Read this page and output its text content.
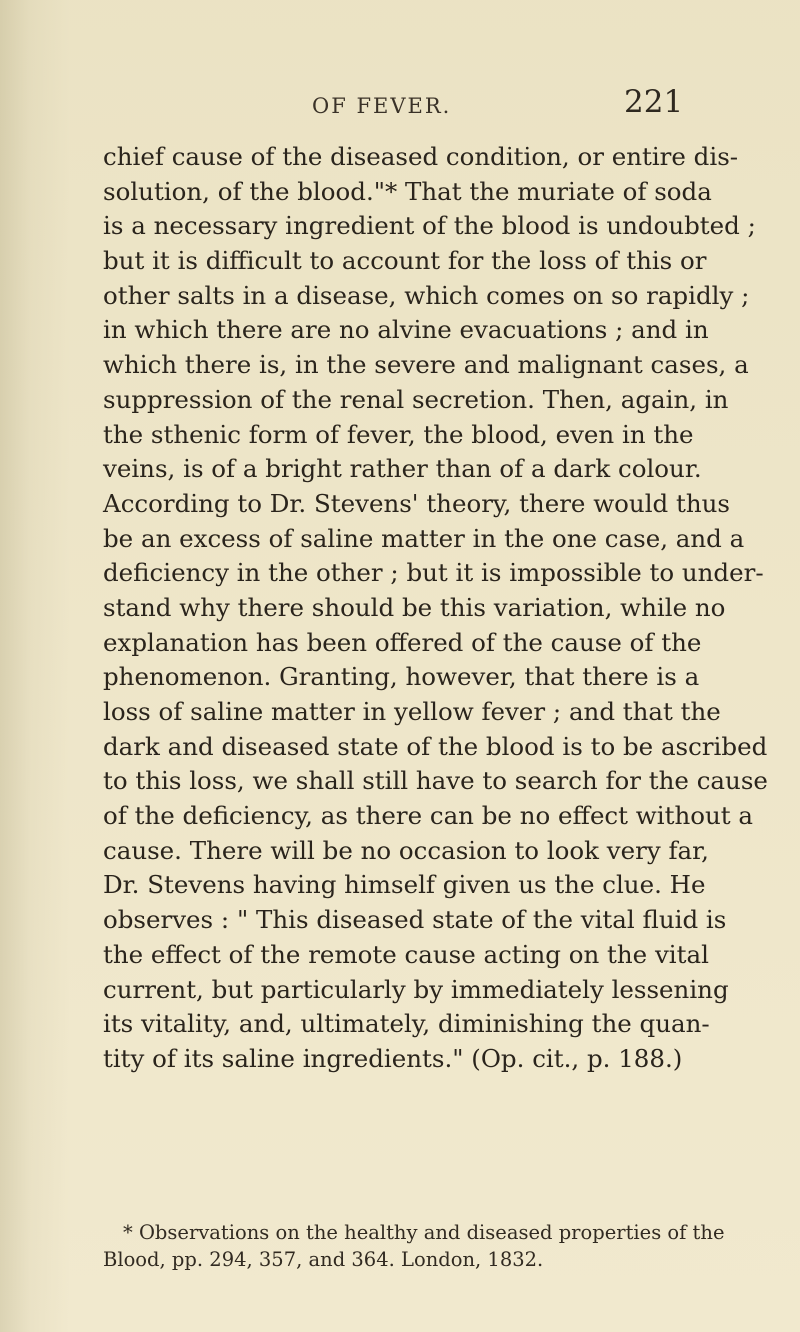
OF FEVER.	221
chief cause of the diseased condition, or entire dis-
solution, of the blood."* That the muriate of soda
is a necessary ingredient of the blood is undoubted ;
but it is difficult to account for the loss of this or
other salts in a disease, which comes on so rapidly ;
in which there are no alvine evacuations ; and in
which there is, in the severe and malignant cases, a
suppression of the renal secretion. Then, again, in
the sthenic form of fever, the blood, even in the
veins, is of a bright rather than of a dark colour.
According to Dr. Stevens' theory, there would thus
be an excess of saline matter in the one case, and a
deficiency in the other ; but it is impossible to under-
stand why there should be this variation, while no
explanation has been offered of the cause of the
phenomenon. Granting, however, that there is a
loss of saline matter in yellow fever ; and that the
dark and diseased state of the blood is to be ascribed
to this loss, we shall still have to search for the cause
of the deficiency, as there can be no effect without a
cause. There will be no occasion to look very far,
Dr. Stevens having himself given us the clue. He
observes : " This diseased state of the vital fluid is
the effect of the remote cause acting on the vital
current, but particularly by immediately lessening
its vitality, and, ultimately, diminishing the quan-
tity of its saline ingredients." (Op. cit., p. 188.)
* Observations on the healthy and diseased properties of the
Blood, pp. 294, 357, and 364. London, 1832.
